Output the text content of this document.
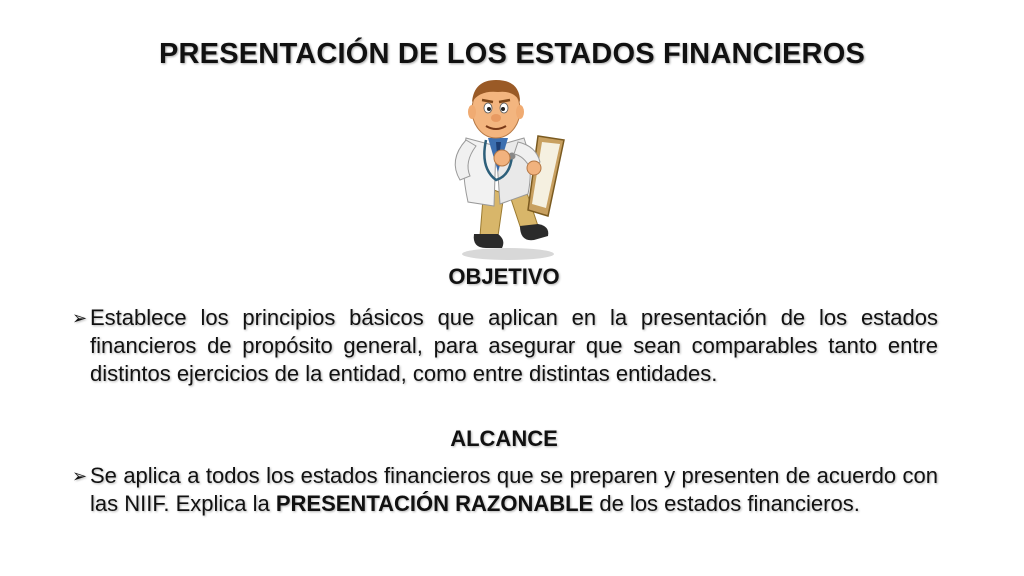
PRESENTACIÓN DE LOS ESTADOS FINANCIEROS
OBJETIVO
➢ Establece los principios básicos que aplican en la presentación de los estados financieros de propósito general, para asegurar que sean comparables tanto entre distintos ejercicios de la entidad, como entre distintas entidades.
ALCANCE
➢ Se aplica a todos los estados financieros que se preparen y presenten de acuerdo con las NIIF. Explica la PRESENTACIÓN RAZONABLE de los estados financieros.
